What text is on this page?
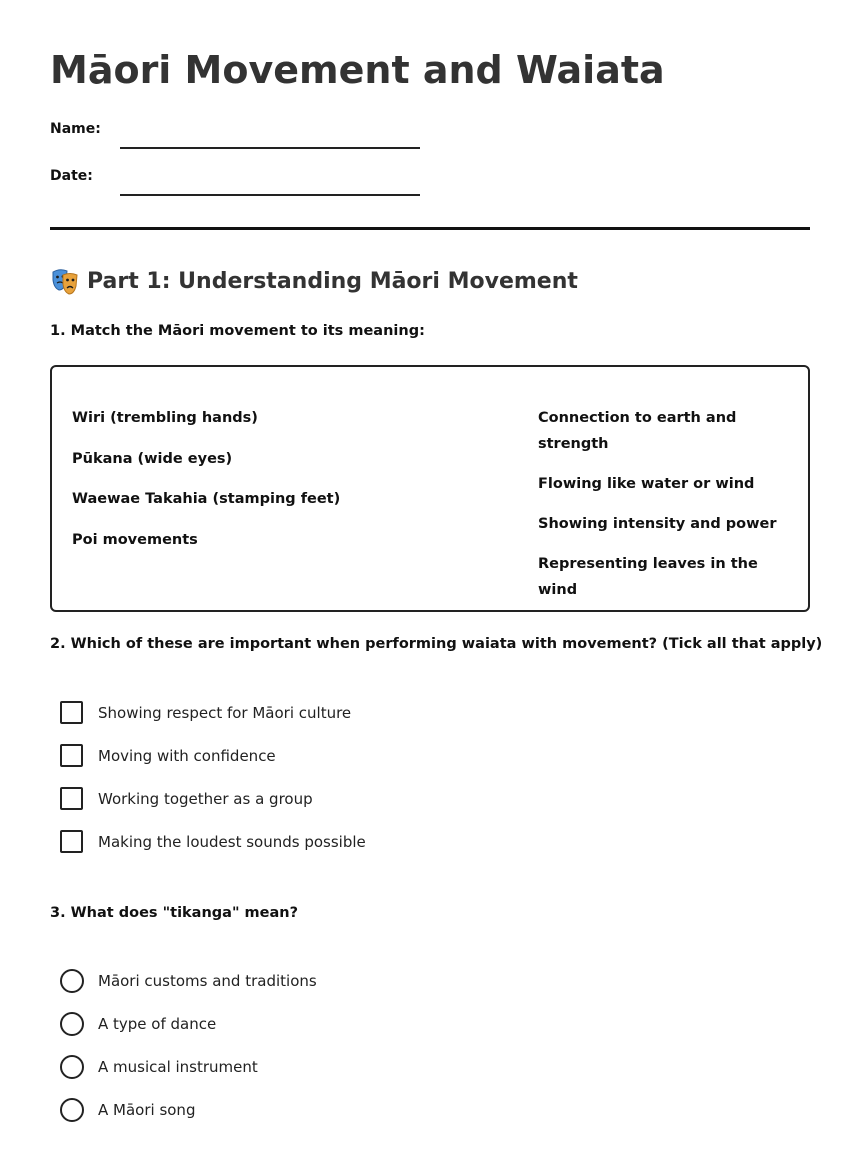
Māori Movement and Waiata
Name:
Date:
Part 1: Understanding Māori Movement

1. Match the Māori movement to its meaning:

Wiri (trembling hands)
Pūkana (wide eyes)
Waewae Takahia (stamping feet)
Poi movements
Connection to earth and strength
Flowing like water or wind
Showing intensity and power
Representing leaves in the wind

2. Which of these are important when performing waiata with movement? (Tick all that apply)

Showing respect for Māori culture
Moving with confidence
Working together as a group
Making the loudest sounds possible

3. What does "tikanga" mean?

Māori customs and traditions
A type of dance
A musical instrument
A Māori song
